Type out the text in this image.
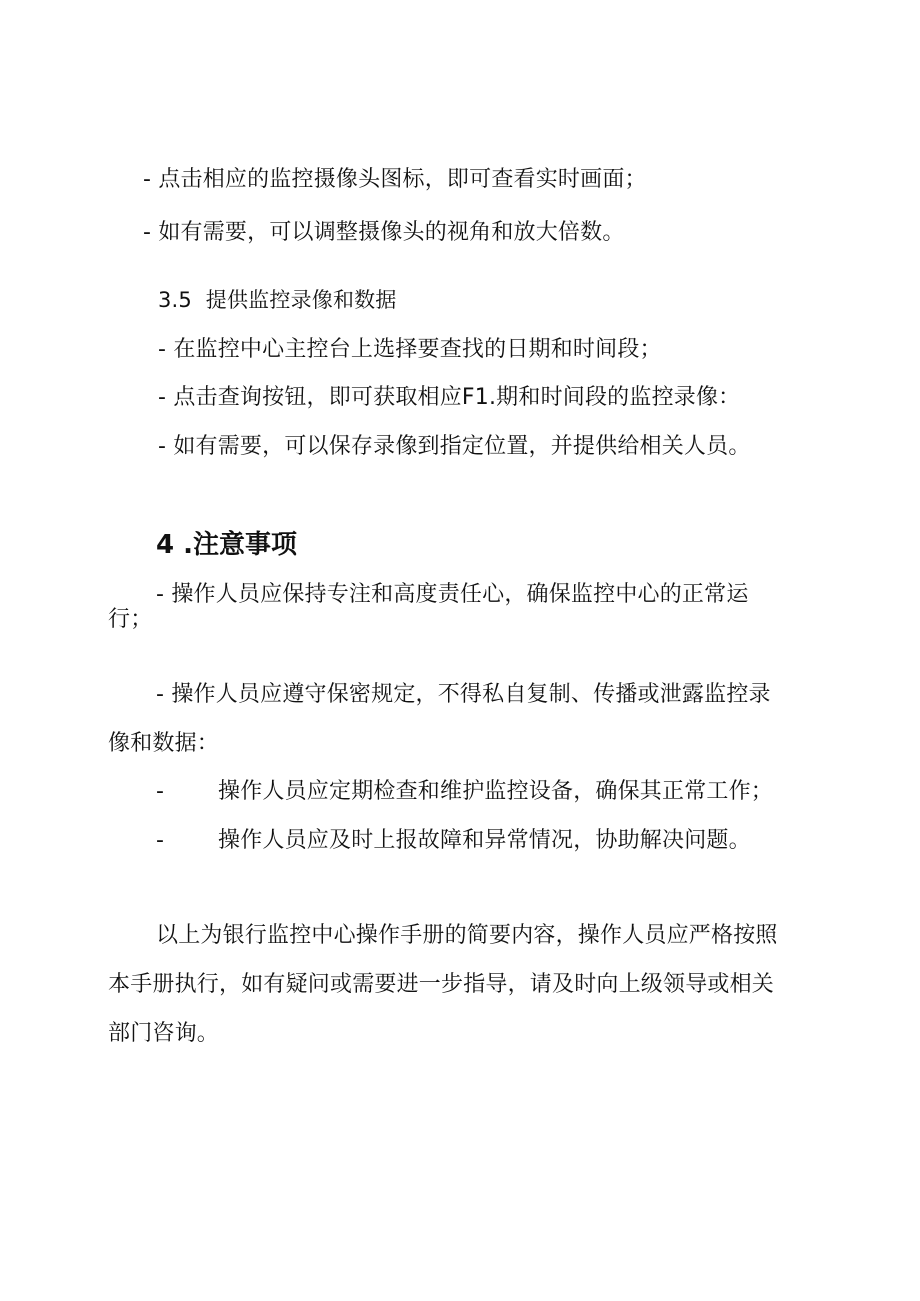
- 点击相应的监控摄像头图标，即可查看实时画面；
- 如有需要，可以调整摄像头的视角和放大倍数。
3.5 提供监控录像和数据
- 在监控中心主控台上选择要查找的日期和时间段；
- 点击查询按钮，即可获取相应F1.期和时间段的监控录像：
- 如有需要，可以保存录像到指定位置，并提供给相关人员。
4 .注意事项
- 操作人员应保持专注和高度责任心，确保监控中心的正常运
行；
- 操作人员应遵守保密规定，不得私自复制、传播或泄露监控录
像和数据：
- 操作人员应定期检查和维护监控设备，确保其正常工作；
- 操作人员应及时上报故障和异常情况，协助解决问题。
以上为银行监控中心操作手册的简要内容，操作人员应严格按照
本手册执行，如有疑问或需要进一步指导，请及时向上级领导或相关
部门咨询。
